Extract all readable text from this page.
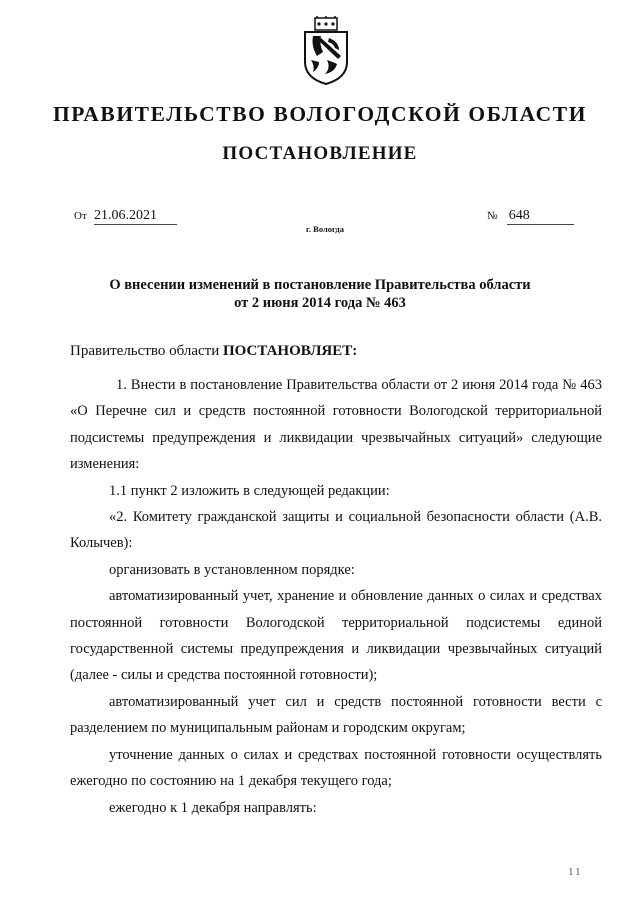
ПРАВИТЕЛЬСТВО ВОЛОГОДСКОЙ ОБЛАСТИ
ПОСТАНОВЛЕНИЕ
От 21.06.2021
г. Вологда
№ 648
О внесении изменений в постановление Правительства области
от 2 июня 2014 года № 463
Правительство области ПОСТАНОВЛЯЕТ:

1. Внести в постановление Правительства области от 2 июня 2014 года № 463 «О Перечне сил и средств постоянной готовности Вологодской территориальной подсистемы предупреждения и ликвидации чрезвычайных ситуаций» следующие изменения:

1.1 пункт 2 изложить в следующей редакции:

«2. Комитету гражданской защиты и социальной безопасности области (А.В. Колычев):

организовать в установленном порядке:

автоматизированный учет, хранение и обновление данных о силах и средствах постоянной готовности Вологодской территориальной подсистемы единой государственной системы предупреждения и ликвидации чрезвычайных ситуаций (далее - силы и средства постоянной готовности);

автоматизированный учет сил и средств постоянной готовности вести с разделением по муниципальным районам и городским округам;

уточнение данных о силах и средствах постоянной готовности осуществлять ежегодно по состоянию на 1 декабря текущего года;

ежегодно к 1 декабря направлять:

11
